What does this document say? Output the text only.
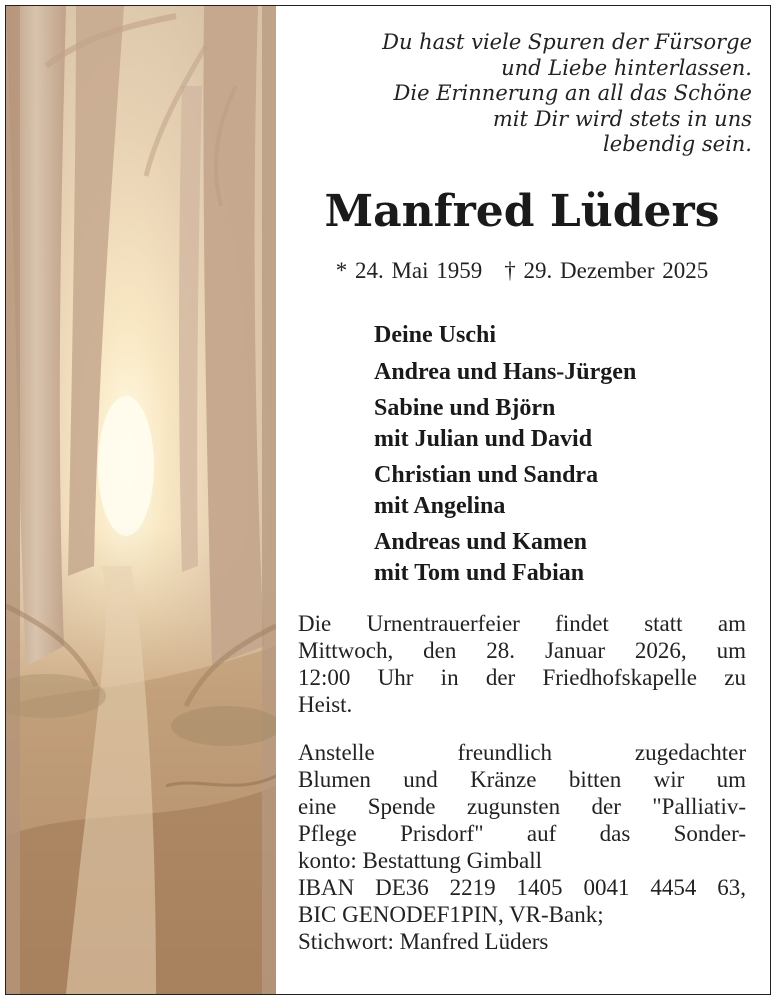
Du hast viele Spuren der Fürsorge
und Liebe hinterlassen.
Die Erinnerung an all das Schöne
mit Dir wird stets in uns
lebendig sein.
Manfred Lüders
* 24. Mai 1959 † 29. Dezember 2025
Deine Uschi
Andrea und Hans-Jürgen
Sabine und Björn
mit Julian und David
Christian und Sandra
mit Angelina
Andreas und Kamen
mit Tom und Fabian
Die Urnentrauerfeier findet statt am
Mittwoch, den 28. Januar 2026, um
12:00 Uhr in der Friedhofskapelle zu
Heist.
Anstelle freundlich zugedachter
Blumen und Kränze bitten wir um
eine Spende zugunsten der "Palliativ-
Pflege Prisdorf" auf das Sonder-
konto: Bestattung Gimball
IBAN DE36 2219 1405 0041 4454 63,
BIC GENODEF1PIN, VR-Bank;
Stichwort: Manfred Lüders
